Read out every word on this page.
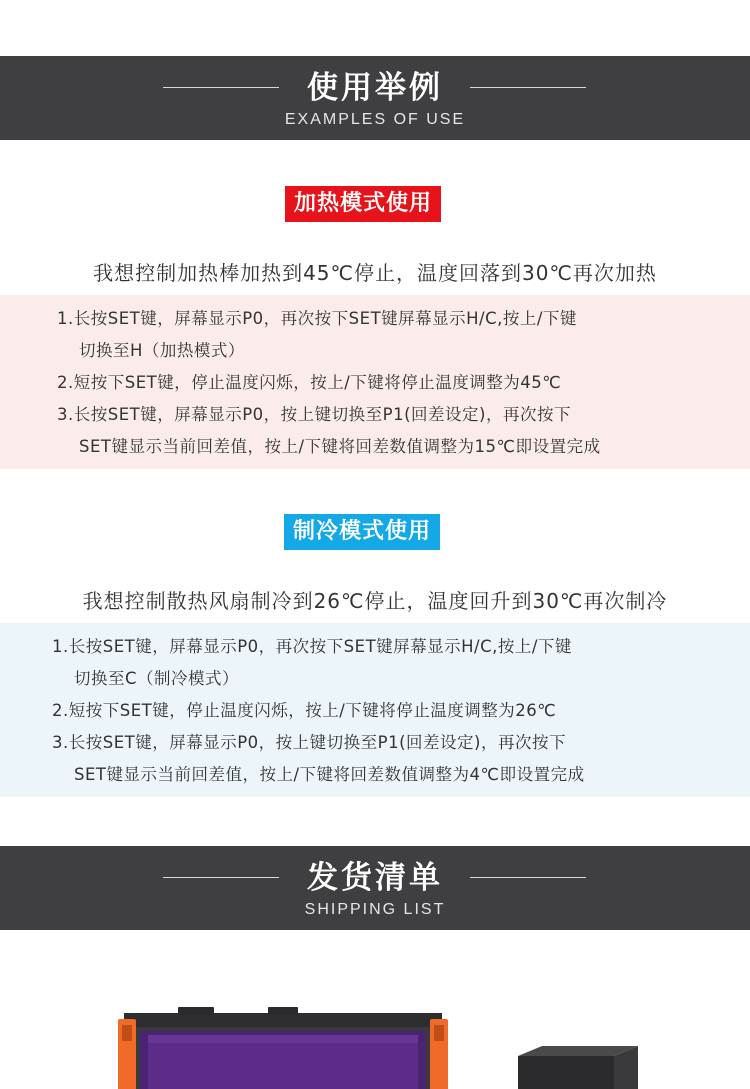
使用举例
EXAMPLES OF USE
加热模式使用
我想控制加热棒加热到45℃停止，温度回落到30℃再次加热
1.长按SET键，屏幕显示P0，再次按下SET键屏幕显示H/C,按上/下键
切换至H（加热模式）
2.短按下SET键，停止温度闪烁，按上/下键将停止温度调整为45℃
3.长按SET键，屏幕显示P0，按上键切换至P1(回差设定)，再次按下
SET键显示当前回差值，按上/下键将回差数值调整为15℃即设置完成
制冷模式使用
我想控制散热风扇制冷到26℃停止，温度回升到30℃再次制冷
1.长按SET键，屏幕显示P0，再次按下SET键屏幕显示H/C,按上/下键
切换至C（制冷模式）
2.短按下SET键，停止温度闪烁，按上/下键将停止温度调整为26℃
3.长按SET键，屏幕显示P0，按上键切换至P1(回差设定)，再次按下
SET键显示当前回差值，按上/下键将回差数值调整为4℃即设置完成
发货清单
SHIPPING LIST
